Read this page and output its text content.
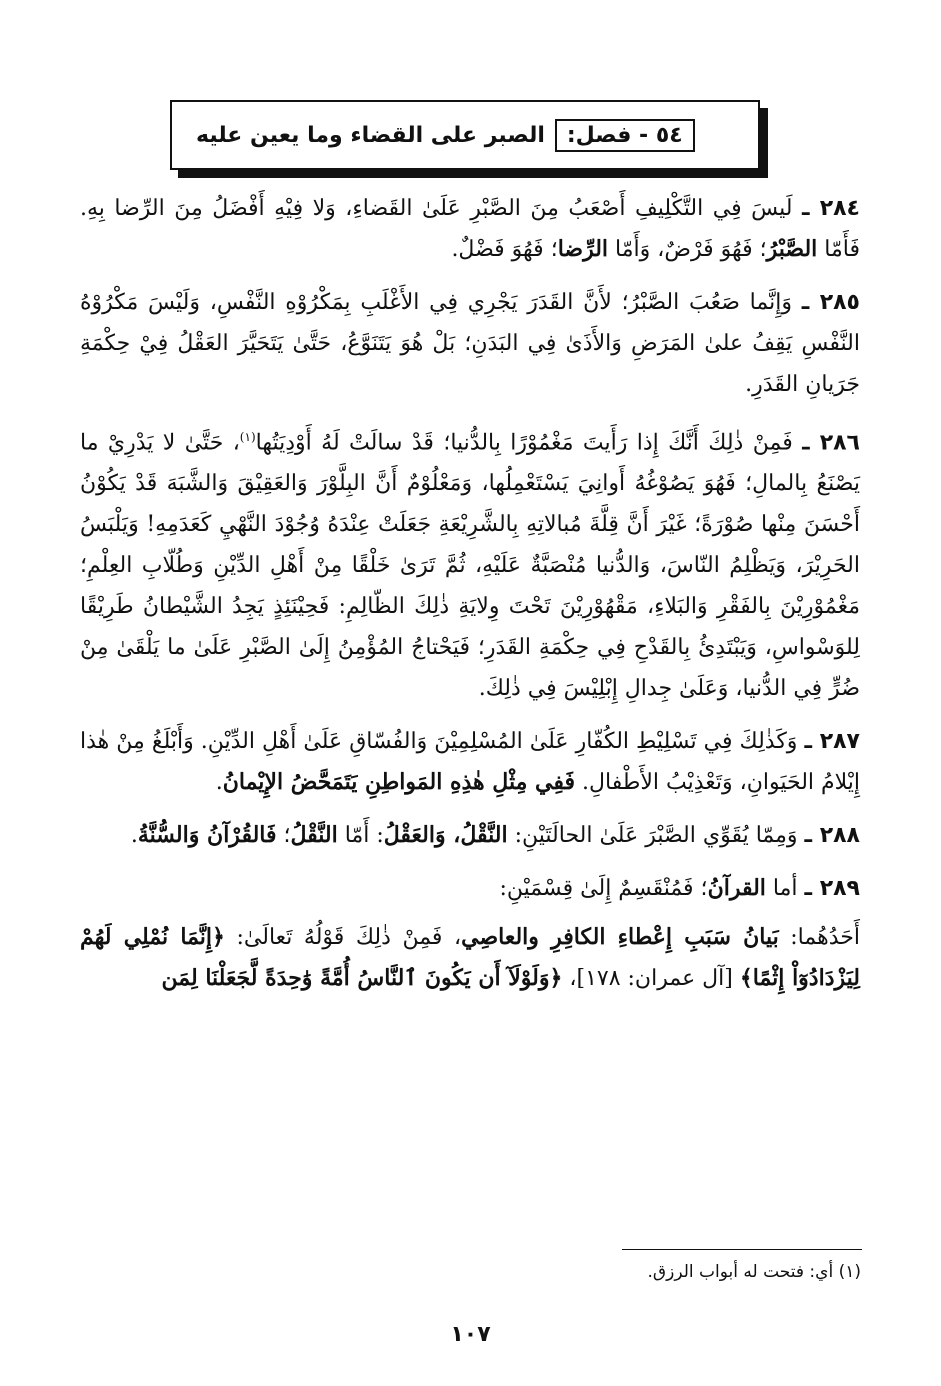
٥٤ - فصل:
الصبر على القضاء وما يعين عليه

٢٨٤ ـ لَيسَ فِي التَّكْلِيفِ أَصْعَبُ مِنَ الصَّبْرِ عَلَىٰ القَضاءِ، وَلا فِيْهِ أَفْضَلُ مِنَ الرِّضا بِهِ. فَأَمّا الصَّبْرُ؛ فَهُوَ فَرْضٌ، وَأَمّا الرِّضا؛ فَهُوَ فَضْلٌ.

٢٨٥ ـ وَإِنَّما صَعُبَ الصَّبْرُ؛ لأَنَّ القَدَرَ يَجْرِي فِي الأَغْلَبِ بِمَكْرُوْهِ النَّفْسِ، وَلَيْسَ مَكْرُوْهُ النَّفْسِ يَقِفُ علىٰ المَرَضِ وَالأَذَىٰ فِي البَدَنِ؛ بَلْ هُوَ يَتَنَوَّعُ، حَتَّىٰ يَتَحَيَّرَ العَقْلُ فِيْ حِكْمَةِ جَرَيانِ القَدَرِ.

٢٨٦ ـ فَمِنْ ذٰلِكَ أَنَّكَ إِذا رَأَيتَ مَغْمُوْرًا بِالدُّنيا؛ قَدْ سالَتْ لَهُ أَوْدِيَتُها$^{(١)}$، حَتَّىٰ لا يَدْرِيْ ما يَصْنَعُ بِالمالِ؛ فَهُوَ يَصُوْغُهُ أَوانِيَ يَسْتَعْمِلُها، وَمَعْلُوْمٌ أَنَّ البِلَّوْرَ وَالعَقِيْقَ وَالشَّبَهَ قَدْ يَكُوْنُ أَحْسَنَ مِنْها صُوْرَةً؛ غَيْرَ أَنَّ قِلَّةَ مُبالاتِهِ بِالشَّرِيْعَةِ جَعَلَتْ عِنْدَهُ وُجُوْدَ النَّهْيِ كَعَدَمِهِ! وَيَلْبَسُ الحَرِيْرَ، وَيَظْلِمُ النّاسَ، وَالدُّنيا مُنْصَبَّةٌ عَلَيْهِ، ثُمَّ تَرَىٰ خَلْقًا مِنْ أَهْلِ الدِّيْنِ وَطُلّابِ العِلْمِ؛ مَغْمُوْرِيْنَ بِالفَقْرِ وَالبَلاءِ، مَقْهُوْرِيْنَ تَحْتَ وِلايَةِ ذٰلِكَ الظّالِمِ: فَحِيْنَئِذٍ يَجِدُ الشَّيْطانُ طَرِيْقًا لِلوَسْواسِ، وَيَبْتَدِئُ بِالقَدْحِ فِي حِكْمَةِ القَدَرِ؛ فَيَحْتاجُ المُؤْمِنُ إِلَىٰ الصَّبْرِ عَلَىٰ ما يَلْقَىٰ مِنْ ضُرٍّ فِي الدُّنيا، وَعَلَىٰ جِدالِ إِبْلِيْسَ فِي ذٰلِكَ.

٢٨٧ ـ وَكَذٰلِكَ فِي تَسْلِيْطِ الكُفّارِ عَلَىٰ المُسْلِمِيْنَ وَالفُسّاقِ عَلَىٰ أَهْلِ الدِّيْنِ. وَأَبْلَغُ مِنْ هٰذا إِيْلامُ الحَيَوانِ، وَتَعْذِيْبُ الأَطْفالِ. فَفِي مِثْلِ هٰذِهِ المَواطِنِ يَتَمَحَّضُ الإِيْمانُ.

٢٨٨ ـ وَمِمّا يُقَوِّي الصَّبْرَ عَلَىٰ الحالَتَيْنِ: النَّقْلُ، وَالعَقْلُ: أَمّا النَّقْلُ؛ فَالقُرْآنُ وَالسُّنَّةُ.

٢٨٩ ـ أما القرآنُ؛ فَمُنْقَسِمٌ إِلَىٰ قِسْمَيْنِ:

أَحَدُهُما: بَيانُ سَبَبِ إِعْطاءِ الكافِرِ والعاصِي، فَمِنْ ذٰلِكَ قَوْلُهُ تَعالَىٰ: ﴿إِنَّمَا نُمْلِي لَهُمْ لِيَزْدَادُوٓاْ إِثْمًا﴾ [آل عمران: ١٧٨]، ﴿وَلَوْلَآ أَن يَكُونَ ٱلنَّاسُ أُمَّةً وَٰحِدَةً لَّجَعَلْنَا لِمَن

(١) أي: فتحت له أبواب الرزق.
١٠٧
